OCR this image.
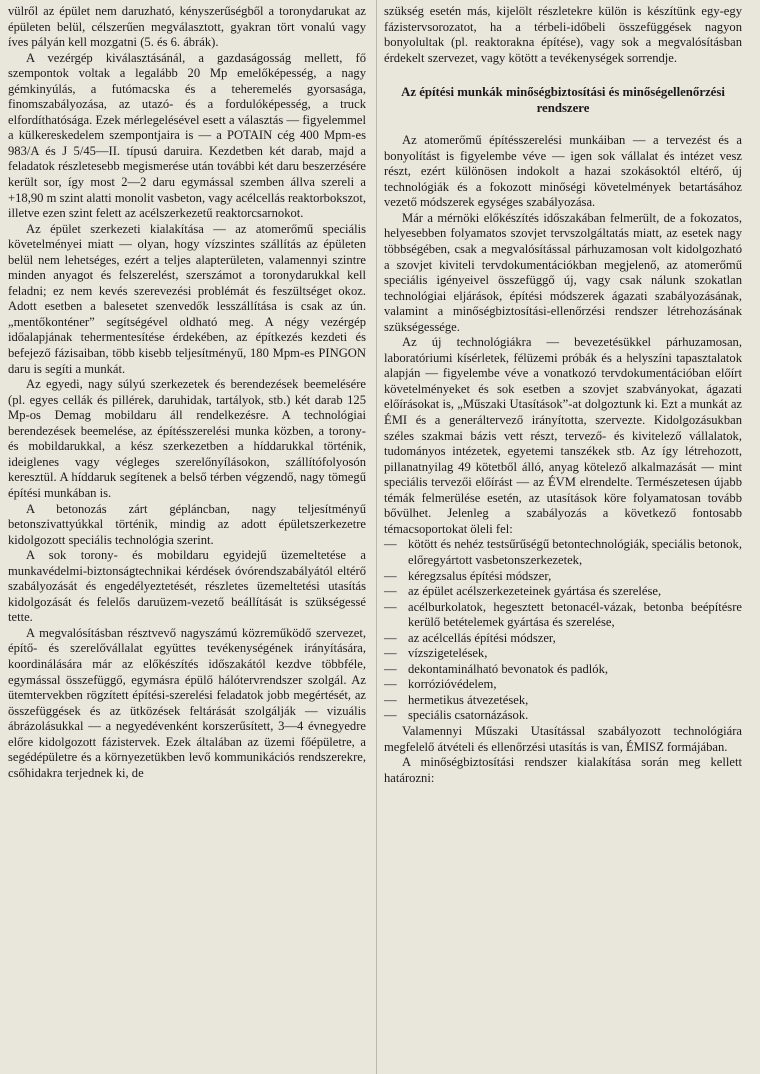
vülről az épület nem daruzható, kényszerűségből a toronydarukat az épületen belül, célszerűen megválasztott, gyakran tört vonalú vagy íves pályán kell mozgatni (5. és 6. ábrák).

A vezérgép kiválasztásánál, a gazdaságosság mellett, fő szempontok voltak a legalább 20 Mp emelőképesség, a nagy gémkinyúlás, a futómacska és a teheremelés gyorsasága, finomszabályozása, az utazó- és a fordulóképesség, a truck elfordíthatósága. Ezek mérlegelésével esett a választás — figyelemmel a külkereskedelem szempontjaira is — a POTAIN cég 400 Mpm-es 983/A és J 5/45—II. típusú daruira. Kezdetben két darab, majd a feladatok részletesebb megismerése után további két daru beszerzésére került sor, így most 2—2 daru egymással szemben állva szereli a +18,90 m szint alatti monolit vasbeton, vagy acélcellás reaktorbokszot, illetve ezen szint felett az acélszerkezetű reaktorcsarnokot.

Az épület szerkezeti kialakítása — az atomerőmű speciális követelményei miatt — olyan, hogy vízszintes szállítás az épületen belül nem lehetséges, ezért a teljes alapterületen, valamennyi szintre minden anyagot és felszerelést, szerszámot a toronydarukkal kell feladni; ez nem kevés szerevezési problémát és feszültséget okoz. Adott esetben a balesetet szenvedők lesszállítása is csak az ún. „mentőkonténer” segítségével oldható meg. A négy vezérgép időalapjának tehermentesítése érdekében, az építkezés kezdeti és befejező fázisaiban, több kisebb teljesítményű, 180 Mpm-es PINGON daru is segíti a munkát.

Az egyedi, nagy súlyú szerkezetek és berendezések beemelésére (pl. egyes cellák és pillérek, daruhidak, tartályok, stb.) két darab 125 Mp-os Demag mobildaru áll rendelkezésre. A technológiai berendezések beemelése, az építésszerelési munka közben, a torony- és mobildarukkal, a kész szerkezetben a híddarukkal történik, ideiglenes vagy végleges szerelőnyílásokon, szállítófolyosón keresztül. A híddaruk segítenek a belső térben végzendő, nagy tömegű építési munkában is.

A betonozás zárt gépláncban, nagy teljesítményű betonszivattyúkkal történik, mindig az adott épületszerkezetre kidolgozott speciális technológia szerint.

A sok torony- és mobildaru egyidejű üzemeltetése a munkavédelmi-biztonságtechnikai kérdések óvórendszabályától eltérő szabályozását és engedélyeztetését, részletes üzemeltetési utasítás kidolgozását és felelős daruüzem-vezető beállítását is szükségessé tette.

A megvalósításban résztvevő nagyszámú közreműködő szervezet, építő- és szerelővállalat együttes tevékenységének irányítására, koordinálására már az előkészítés időszakától kezdve többféle, egymással összefüggő, egymásra épülő hálótervrendszer szolgál. Az ütemtervekben rögzített építési-szerelési feladatok jobb megértését, az összefüggések és az ütközések feltárását szolgálják — vizuális ábrázolásukkal — a negyedévenként korszerűsített, 3—4 évnegyedre előre kidolgozott fázistervek. Ezek általában az üzemi főépületre, a segédépületre és a környezetükben levő kommunikációs rendszerekre, csőhidakra terjednek ki, de

szükség esetén más, kijelölt részletekre külön is készítünk egy-egy fázistervsorozatot, ha a térbeli-időbeli összefüggések nagyon bonyolultak (pl. reaktorakna építése), vagy sok a megvalósításban érdekelt szervezet, vagy kötött a tevékenységek sorrendje.

Az építési munkák minőségbiztosítási és minőségellenőrzési rendszere

Az atomerőmű építésszerelési munkáiban — a tervezést és a bonyolítást is figyelembe véve — igen sok vállalat és intézet vesz részt, ezért különösen indokolt a hazai szokásoktól eltérő, új technológiák és a fokozott minőségi követelmények betartásához vezető módszerek egységes szabályozása.

Már a mérnöki előkészítés időszakában felmerült, de a fokozatos, helyesebben folyamatos szovjet tervszolgáltatás miatt, az esetek nagy többségében, csak a megvalósítással párhuzamosan volt kidolgozható a szovjet kiviteli tervdokumentációkban megjelenő, az atomerőmű speciális igényeivel összefüggő új, vagy csak nálunk szokatlan technológiai eljárások, építési módszerek ágazati szabályozásának, valamint a minőségbiztosítási-ellenőrzési rendszer létrehozásának szükségessége.

Az új technológiákra — bevezetésükkel párhuzamosan, laboratóriumi kísérletek, félüzemi próbák és a helyszíni tapasztalatok alapján — figyelembe véve a vonatkozó tervdokumentációban előírt követelményeket és sok esetben a szovjet szabványokat, ágazati előírásokat is, „Műszaki Utasítások”-at dolgoztunk ki. Ezt a munkát az ÉMI és a generáltervező irányította, szervezte. Kidolgozásukban széles szakmai bázis vett részt, tervező- és kivitelező vállalatok, tudományos intézetek, egyetemi tanszékek stb. Az így létrehozott, pillanatnyilag 49 kötetből álló, anyag kötelező alkalmazását — mint speciális tervezői előírást — az ÉVM elrendelte. Természetesen újabb témák felmerülése esetén, az utasítások köre folyamatosan tovább bővülhet. Jelenleg a szabályozás a következő fontosabb témacsoportokat öleli fel:

— kötött és nehéz testsűrűségű betontechnológiák, speciális betonok, előregyártott vasbetonszerkezetek,
— kéregzsalus építési módszer,
— az épület acélszerkezeteinek gyártása és szerelése,
— acélburkolatok, hegesztett betonacél-vázak, betonba beépítésre kerülő betételemek gyártása és szerelése,
— az acélcellás építési módszer,
— vízszigetelések,
— dekontaminálható bevonatok és padlók,
— korrózióvédelem,
— hermetikus átvezetések,
— speciális csatornázások.

Valamennyi Műszaki Utasítással szabályozott technológiára megfelelő átvételi és ellenőrzési utasítás is van, ÉMISZ formájában.

A minőségbiztosítási rendszer kialakítása során meg kellett határozni:
